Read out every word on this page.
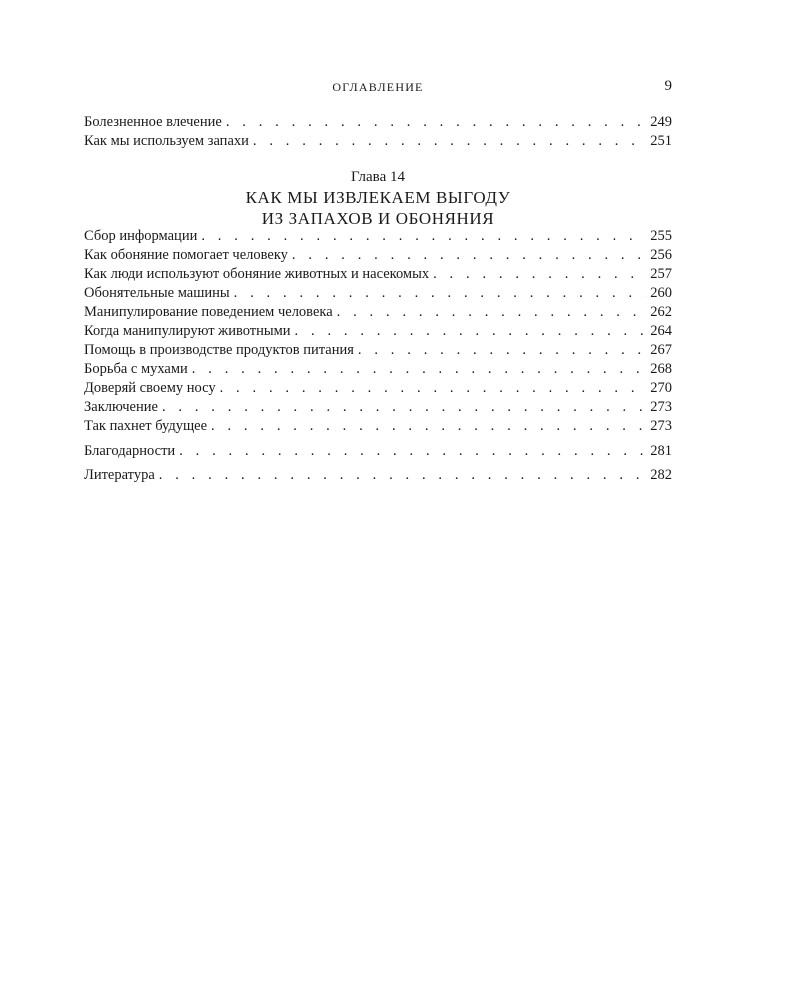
ОГЛАВЛЕНИЕ	9
Болезненное влечение . . .	249
Как мы используем запахи . . .	251
Глава 14
КАК МЫ ИЗВЛЕКАЕМ ВЫГОДУ
ИЗ ЗАПАХОВ И ОБОНЯНИЯ
Сбор информации . . .	255
Как обоняние помогает человеку . . .	256
Как люди используют обоняние животных и насекомых . . .	257
Обонятельные машины . . .	260
Манипулирование поведением человека . . .	262
Когда манипулируют животными . . .	264
Помощь в производстве продуктов питания . . .	267
Борьба с мухами . . .	268
Доверяй своему носу . . .	270
Заключение . . .	273
Так пахнет будущее . . .	273
Благодарности . . .	281
Литература . . .	282
